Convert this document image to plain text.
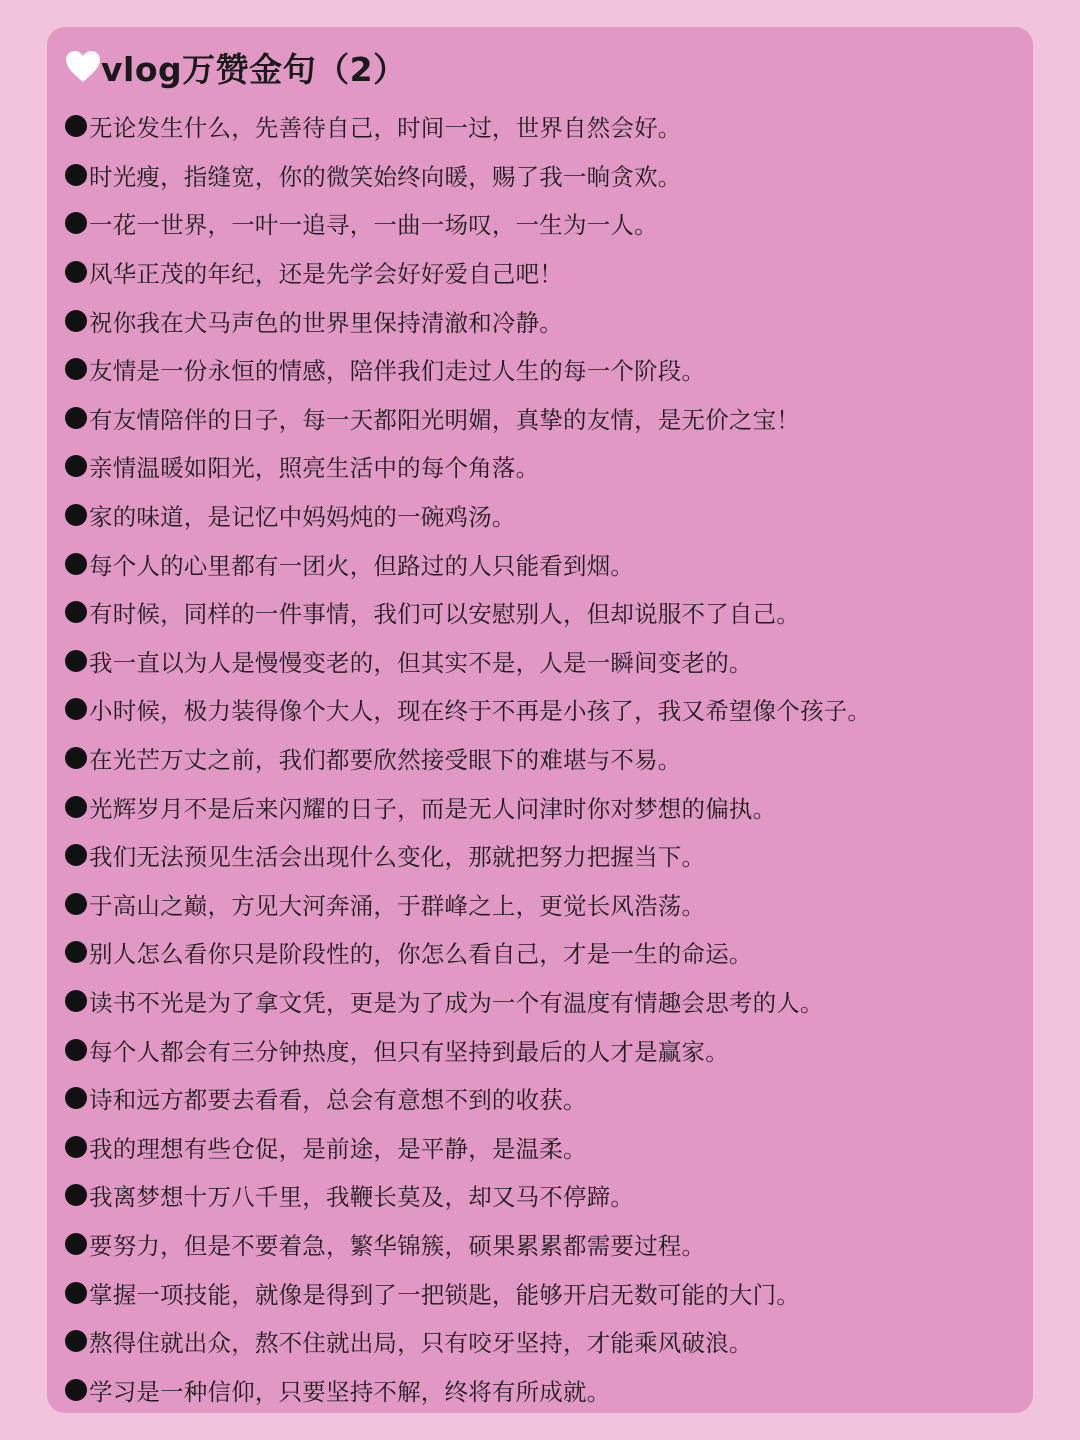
vlog万赞金句（2）
无论发生什么，先善待自己，时间一过，世界自然会好。
时光瘦，指缝宽，你的微笑始终向暖，赐了我一晌贪欢。
一花一世界，一叶一追寻，一曲一场叹，一生为一人。
风华正茂的年纪，还是先学会好好爱自己吧！
祝你我在犬马声色的世界里保持清澈和冷静。
友情是一份永恒的情感，陪伴我们走过人生的每一个阶段。
有友情陪伴的日子，每一天都阳光明媚，真挚的友情，是无价之宝！
亲情温暖如阳光，照亮生活中的每个角落。
家的味道，是记忆中妈妈炖的一碗鸡汤。
每个人的心里都有一团火，但路过的人只能看到烟。
有时候，同样的一件事情，我们可以安慰别人，但却说服不了自己。
我一直以为人是慢慢变老的，但其实不是，人是一瞬间变老的。
小时候，极力装得像个大人，现在终于不再是小孩了，我又希望像个孩子。
在光芒万丈之前，我们都要欣然接受眼下的难堪与不易。
光辉岁月不是后来闪耀的日子，而是无人问津时你对梦想的偏执。
我们无法预见生活会出现什么变化，那就把努力把握当下。
于高山之巅，方见大河奔涌，于群峰之上，更觉长风浩荡。
别人怎么看你只是阶段性的，你怎么看自己，才是一生的命运。
读书不光是为了拿文凭，更是为了成为一个有温度有情趣会思考的人。
每个人都会有三分钟热度，但只有坚持到最后的人才是赢家。
诗和远方都要去看看，总会有意想不到的收获。
我的理想有些仓促，是前途，是平静，是温柔。
我离梦想十万八千里，我鞭长莫及，却又马不停蹄。
要努力，但是不要着急，繁华锦簇，硕果累累都需要过程。
掌握一项技能，就像是得到了一把锁匙，能够开启无数可能的大门。
熬得住就出众，熬不住就出局，只有咬牙坚持，才能乘风破浪。
学习是一种信仰，只要坚持不解，终将有所成就。
